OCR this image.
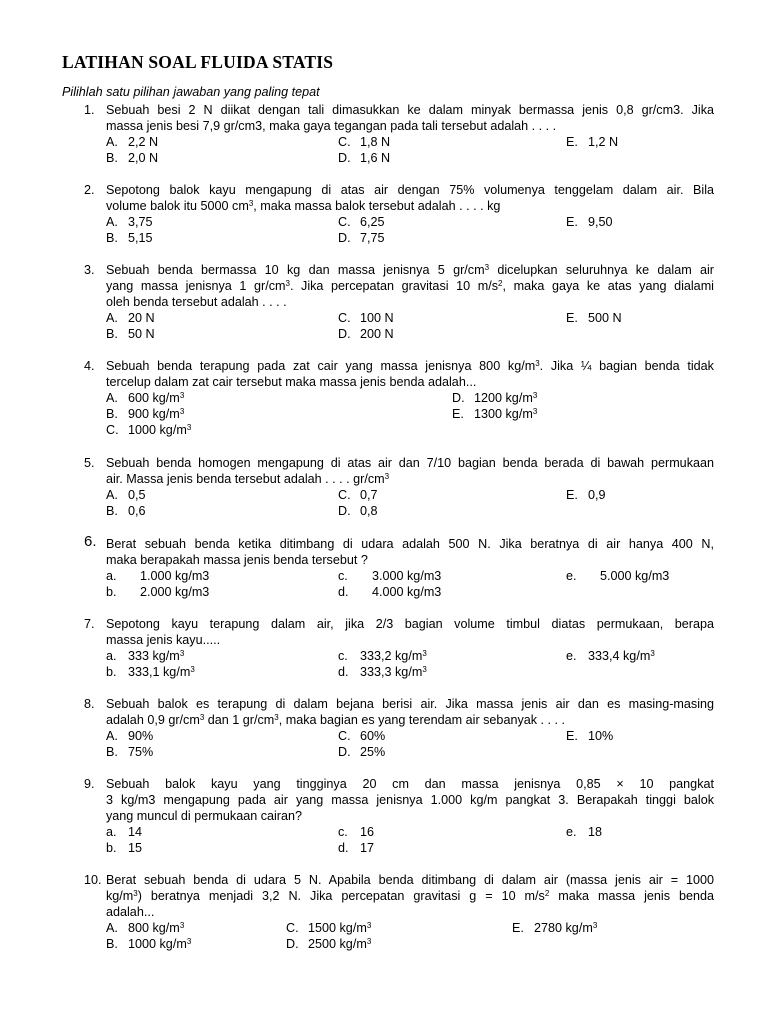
LATIHAN SOAL FLUIDA STATIS
Pilihlah satu pilihan jawaban yang paling tepat
1. Sebuah besi 2 N diikat dengan tali dimasukkan ke dalam minyak bermassa jenis 0,8 gr/cm3. Jika
massa jenis besi 7,9 gr/cm3, maka gaya tegangan pada tali tersebut adalah . . . .
A. 2,2 N	C. 1,8 N	E. 1,2 N
B. 2,0 N	D. 1,6 N
2. Sepotong balok kayu mengapung di atas air dengan 75% volumenya tenggelam dalam air. Bila
volume balok itu 5000 $cm^3$, maka massa balok tersebut adalah . . . . kg
A. 3,75	C. 6,25	E. 9,50
B. 5,15	D. 7,75
3. Sebuah benda bermassa 10 kg dan massa jenisnya 5 $gr/cm^3$ dicelupkan seluruhnya ke dalam air
yang massa jenisnya 1 $gr/cm^3$. Jika percepatan gravitasi 10 $m/s^2$, maka gaya ke atas yang dialami
oleh benda tersebut adalah . . . .
A. 20 N	C. 100 N	E. 500 N
B. 50 N	D. 200 N
4. Sebuah benda terapung pada zat cair yang massa jenisnya 800 $kg/m^3$. Jika ¼ bagian benda tidak
tercelup dalam zat cair tersebut maka massa jenis benda adalah...
A. 600 $kg/m^3$	D. 1200 $kg/m^3$
B. 900 $kg/m^3$	E. 1300 $kg/m^3$
C. 1000 $kg/m^3$
5. Sebuah benda homogen mengapung di atas air dan 7/10 bagian benda berada di bawah permukaan
air. Massa jenis benda tersebut adalah . . . . $gr/cm^3$
A. 0,5	C. 0,7	E. 0,9
B. 0,6	D. 0,8
6. Berat sebuah benda ketika ditimbang di udara adalah 500 N. Jika beratnya di air hanya 400 N,
maka berapakah massa jenis benda tersebut ?
a. 1.000 kg/m3	c. 3.000 kg/m3	e. 5.000 kg/m3
b. 2.000 kg/m3	d. 4.000 kg/m3
7. Sepotong kayu terapung dalam air, jika 2/3 bagian volume timbul diatas permukaan, berapa
massa jenis kayu.....
a. 333 $kg/m^3$	c. 333,2 $kg/m^3$	e. 333,4 $kg/m^3$
b. 333,1 $kg/m^3$	d. 333,3 $kg/m^3$
8. Sebuah balok es terapung di dalam bejana berisi air. Jika massa jenis air dan es masing-masing
adalah 0,9 $gr/cm^3$ dan 1 $gr/cm^3$, maka bagian es yang terendam air sebanyak . . . .
A. 90%	C. 60%	E. 10%
B. 75%	D. 25%
9. Sebuah balok kayu yang tingginya 20 cm dan massa jenisnya 0,85 × 10 pangkat
3 kg/m3 mengapung pada air yang massa jenisnya 1.000 kg/m pangkat 3. Berapakah tinggi balok
yang muncul di permukaan cairan?
a. 14	c. 16	e. 18
b. 15	d. 17
10. Berat sebuah benda di udara 5 N. Apabila benda ditimbang di dalam air (massa jenis air = 1000
$kg/m^3$) beratnya menjadi 3,2 N. Jika percepatan gravitasi g = 10 $m/s^2$ maka massa jenis benda
adalah...
A. 800 $kg/m^3$	C. 1500 $kg/m^3$	E. 2780 $kg/m^3$
B. 1000 $kg/m^3$	D. 2500 $kg/m^3$
